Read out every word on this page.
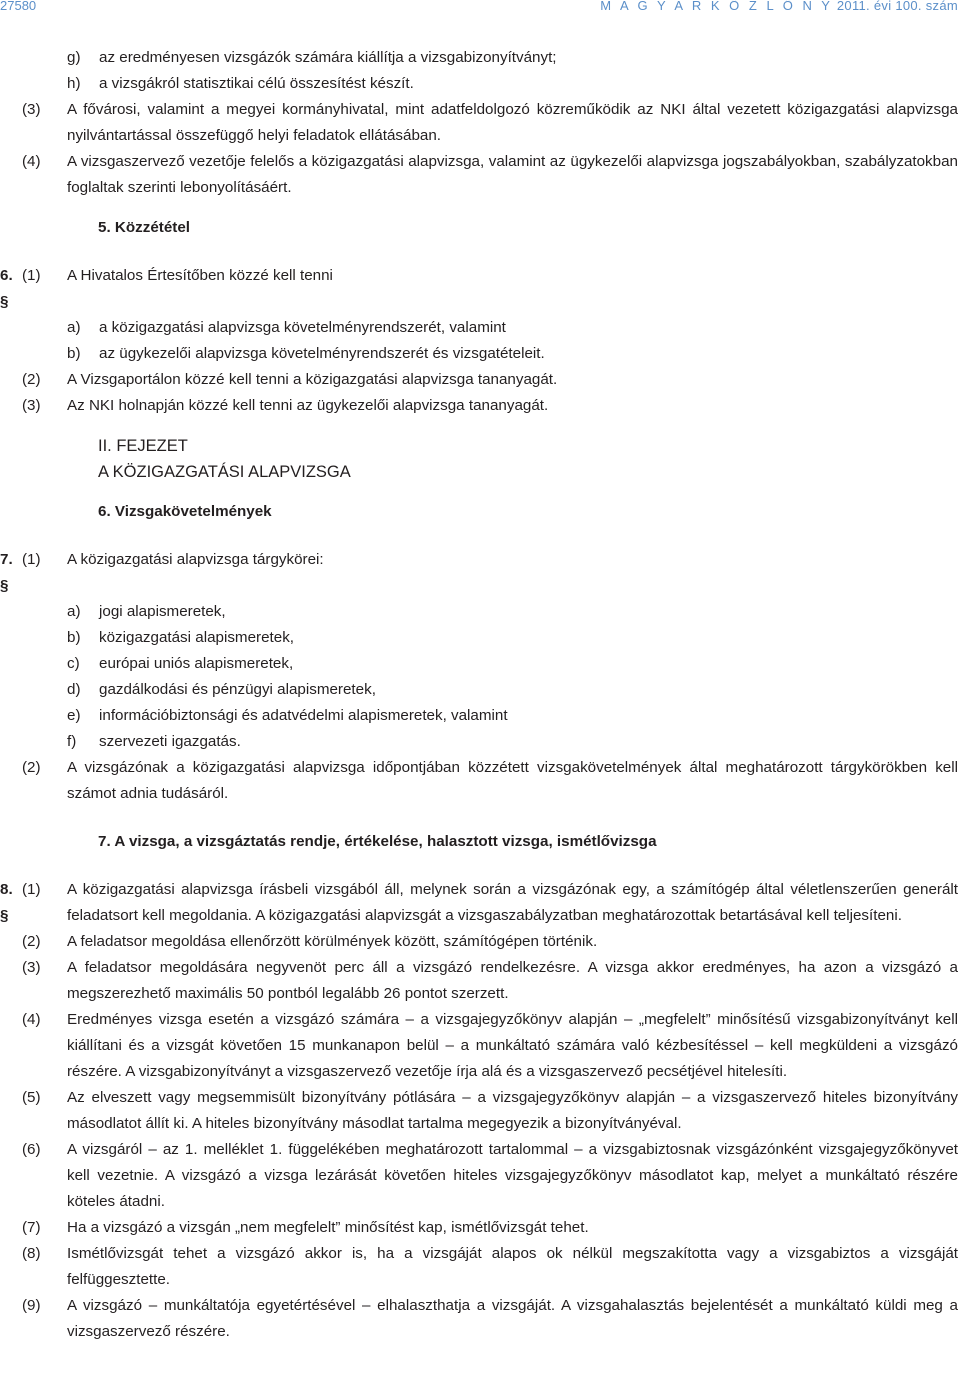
27580	M A G Y A R K Ö Z L Ö N Y 2011. évi 100. szám
g)	az eredményesen vizsgázók számára kiállítja a vizsgabizonyítványt;
h)	a vizsgákról statisztikai célú összesítést készít.
(3)	A fővárosi, valamint a megyei kormányhivatal, mint adatfeldolgozó közreműködik az NKI által vezetett közigazgatási alapvizsga nyilvántartással összefüggő helyi feladatok ellátásában.
(4)	A vizsgaszervező vezetője felelős a közigazgatási alapvizsga, valamint az ügykezelői alapvizsga jogszabályokban, szabályzatokban foglaltak szerinti lebonyolításáért.
5. Közzététel
6. §
(1)	A Hivatalos Értesítőben közzé kell tenni
a)	a közigazgatási alapvizsga követelményrendszerét, valamint
b)	az ügykezelői alapvizsga követelményrendszerét és vizsgatételeit.
(2)	A Vizsgaportálon közzé kell tenni a közigazgatási alapvizsga tananyagát.
(3)	Az NKI holnapján közzé kell tenni az ügykezelői alapvizsga tananyagát.
II. FEJEZET
A KÖZIGAZGATÁSI ALAPVIZSGA
6. Vizsgakövetelmények
7. §
(1)	A közigazgatási alapvizsga tárgykörei:
a)	jogi alapismeretek,
b)	közigazgatási alapismeretek,
c)	európai uniós alapismeretek,
d)	gazdálkodási és pénzügyi alapismeretek,
e)	információbiztonsági és adatvédelmi alapismeretek, valamint
f)	szervezeti igazgatás.
(2)	A vizsgázónak a közigazgatási alapvizsga időpontjában közzétett vizsgakövetelmények által meghatározott tárgykörökben kell számot adnia tudásáról.
7. A vizsga, a vizsgáztatás rendje, értékelése, halasztott vizsga, ismétlővizsga
8. §
(1)	A közigazgatási alapvizsga írásbeli vizsgából áll, melynek során a vizsgázónak egy, a számítógép által véletlenszerűen generált feladatsort kell megoldania. A közigazgatási alapvizsgát a vizsgaszabályzatban meghatározottak betartásával kell teljesíteni.
(2)	A feladatsor megoldása ellenőrzött körülmények között, számítógépen történik.
(3)	A feladatsor megoldására negyvenöt perc áll a vizsgázó rendelkezésre. A vizsga akkor eredményes, ha azon a vizsgázó a megszerezhető maximális 50 pontból legalább 26 pontot szerzett.
(4)	Eredményes vizsga esetén a vizsgázó számára – a vizsgajegyzőkönyv alapján – „megfelelt” minősítésű vizsgabizonyítványt kell kiállítani és a vizsgát követően 15 munkanapon belül – a munkáltató számára való kézbesítéssel – kell megküldeni a vizsgázó részére. A vizsgabizonyítványt a vizsgaszervező vezetője írja alá és a vizsgaszervező pecsétjével hitelesíti.
(5)	Az elveszett vagy megsemmisült bizonyítvány pótlására – a vizsgajegyzőkönyv alapján – a vizsgaszervező hiteles bizonyítvány másodlatot állít ki. A hiteles bizonyítvány másodlat tartalma megegyezik a bizonyítványéval.
(6)	A vizsgáról – az 1. melléklet 1. függelékében meghatározott tartalommal – a vizsgabiztosnak vizsgázónként vizsgajegyzőkönyvet kell vezetnie. A vizsgázó a vizsga lezárását követően hiteles vizsgajegyzőkönyv másodlatot kap, melyet a munkáltató részére köteles átadni.
(7)	Ha a vizsgázó a vizsgán „nem megfelelt” minősítést kap, ismétlővizsgát tehet.
(8)	Ismétlővizsgát tehet a vizsgázó akkor is, ha a vizsgáját alapos ok nélkül megszakította vagy a vizsgabiztos a vizsgáját felfüggesztette.
(9)	A vizsgázó – munkáltatója egyetértésével – elhalaszthatja a vizsgáját. A vizsgahalasztás bejelentését a munkáltató küldi meg a vizsgaszervező részére.
